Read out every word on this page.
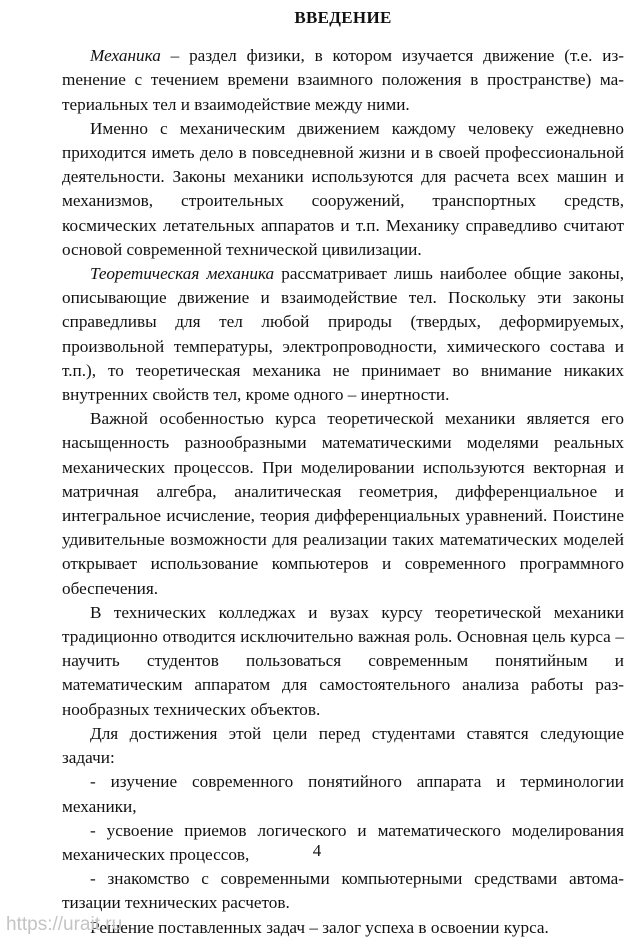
ВВЕДЕНИЕ

Механика – раздел физики, в котором изучается движение (т.е. изmенение с течением времени взаимного положения в пространстве) материальных тел и взаимодействие между ними.

Именно с механическим движением каждому человеку ежедневно приходится иметь дело в повседневной жизни и в своей профессиональной деятельности. Законы механики используются для расчета всех машин и механизмов, строительных сооружений, транспортных средств, космических летательных аппаратов и т.п. Механику справедливо считают основой современной технической цивилизации.

Теоретическая механика рассматривает лишь наиболее общие законы, описывающие движение и взаимодействие тел. Поскольку эти законы справедливы для тел любой природы (твердых, деформируемых, произвольной температуры, электропроводности, химического состава и т.п.), то теоретическая механика не принимает во внимание никаких внутренних свойств тел, кроме одного – инертности.

Важной особенностью курса теоретической механики является его насыщенность разнообразными математическими моделями реальных механических процессов. При моделировании используются векторная и матричная алгебра, аналитическая геометрия, дифференциальное и интегральное исчисление, теория дифференциальных уравнений. Поистине удивительные возможности для реализации таких математических моделей открывает использование компьютеров и современного программного обеспечения.

В технических колледжах и вузах курсу теоретической механики традиционно отводится исключительно важная роль. Основная цель курса – научить студентов пользоваться современным понятийным и математическим аппаратом для самостоятельного анализа работы разнообразных технических объектов.

Для достижения этой цели перед студентами ставятся следующие задачи:

- изучение современного понятийного аппарата и терминологии механики,

- усвоение приемов логического и математического моделирования механических процессов,

- знакомство с современными компьютерными средствами автоматизации технических расчетов.

Решение поставленных задач – залог успеха в освоении курса.

4
https://urait.ru
